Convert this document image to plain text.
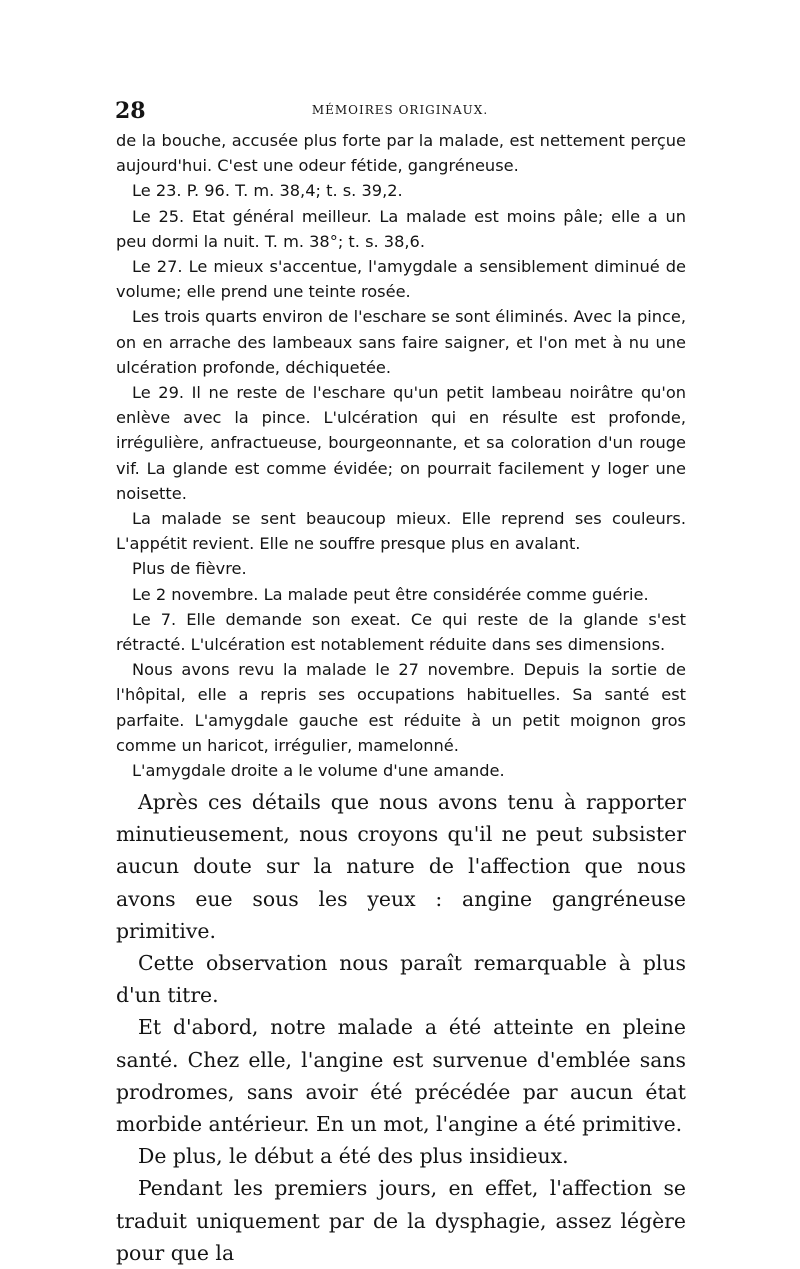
28	MÉMOIRES ORIGINAUX.

de la bouche, accusée plus forte par la malade, est nettement perçue aujourd'hui. C'est une odeur fétide, gangréneuse.

Le 23. P. 96. T. m. 38,4; t. s. 39,2.

Le 25. Etat général meilleur. La malade est moins pâle; elle a un peu dormi la nuit. T. m. 38°; t. s. 38,6.

Le 27. Le mieux s'accentue, l'amygdale a sensiblement diminué de volume; elle prend une teinte rosée.

Les trois quarts environ de l'eschare se sont éliminés. Avec la pince, on en arrache des lambeaux sans faire saigner, et l'on met à nu une ulcération profonde, déchiquetée.

Le 29. Il ne reste de l'eschare qu'un petit lambeau noirâtre qu'on enlève avec la pince. L'ulcération qui en résulte est profonde, irrégulière, anfractueuse, bourgeonnante, et sa coloration d'un rouge vif. La glande est comme évidée; on pourrait facilement y loger une noisette.

La malade se sent beaucoup mieux. Elle reprend ses couleurs. L'appétit revient. Elle ne souffre presque plus en avalant.

Plus de fièvre.

Le 2 novembre. La malade peut être considérée comme guérie.

Le 7. Elle demande son exeat. Ce qui reste de la glande s'est rétracté. L'ulcération est notablement réduite dans ses dimensions.

Nous avons revu la malade le 27 novembre. Depuis la sortie de l'hôpital, elle a repris ses occupations habituelles. Sa santé est parfaite. L'amygdale gauche est réduite à un petit moignon gros comme un haricot, irrégulier, mamelonné.

L'amygdale droite a le volume d'une amande.

Après ces détails que nous avons tenu à rapporter minutieusement, nous croyons qu'il ne peut subsister aucun doute sur la nature de l'affection que nous avons eue sous les yeux : angine gangréneuse primitive.

Cette observation nous paraît remarquable à plus d'un titre.

Et d'abord, notre malade a été atteinte en pleine santé. Chez elle, l'angine est survenue d'emblée sans prodromes, sans avoir été précédée par aucun état morbide antérieur. En un mot, l'angine a été primitive.

De plus, le début a été des plus insidieux.

Pendant les premiers jours, en effet, l'affection se traduit uniquement par de la dysphagie, assez légère pour que la
